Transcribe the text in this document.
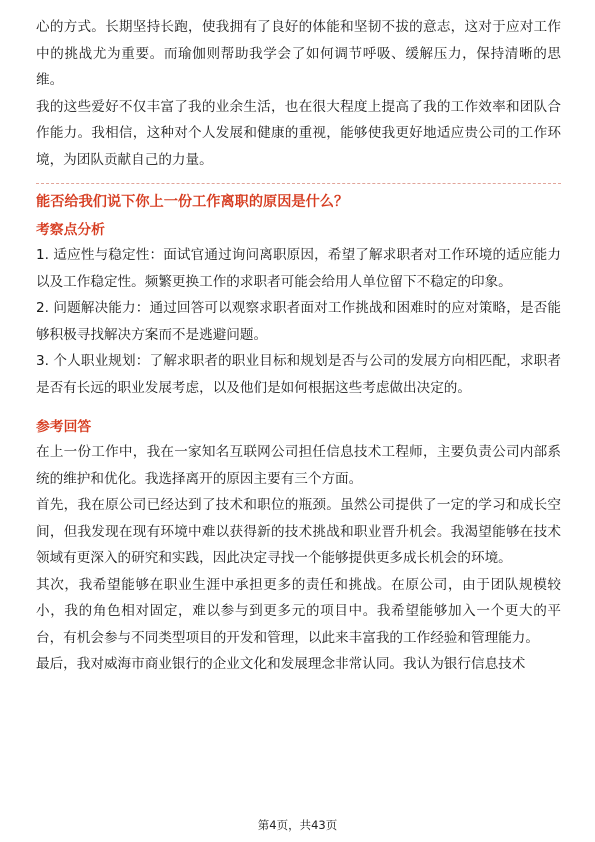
心的方式。长期坚持长跑，使我拥有了良好的体能和坚韧不拔的意志，这对于应对工作中的挑战尤为重要。而瑜伽则帮助我学会了如何调节呼吸、缓解压力，保持清晰的思维。

我的这些爱好不仅丰富了我的业余生活，也在很大程度上提高了我的工作效率和团队合作能力。我相信，这种对个人发展和健康的重视，能够使我更好地适应贵公司的工作环境，为团队贡献自己的力量。

能否给我们说下你上一份工作离职的原因是什么？

考察点分析

1. 适应性与稳定性：面试官通过询问离职原因，希望了解求职者对工作环境的适应能力以及工作稳定性。频繁更换工作的求职者可能会给用人单位留下不稳定的印象。

2. 问题解决能力：通过回答可以观察求职者面对工作挑战和困难时的应对策略，是否能够积极寻找解决方案而不是逃避问题。

3. 个人职业规划：了解求职者的职业目标和规划是否与公司的发展方向相匹配，求职者是否有长远的职业发展考虑，以及他们是如何根据这些考虑做出决定的。

参考回答

在上一份工作中，我在一家知名互联网公司担任信息技术工程师，主要负责公司内部系统的维护和优化。我选择离开的原因主要有三个方面。

首先，我在原公司已经达到了技术和职位的瓶颈。虽然公司提供了一定的学习和成长空间，但我发现在现有环境中难以获得新的技术挑战和职业晋升机会。我渴望能够在技术领域有更深入的研究和实践，因此决定寻找一个能够提供更多成长机会的环境。

其次，我希望能够在职业生涯中承担更多的责任和挑战。在原公司，由于团队规模较小，我的角色相对固定，难以参与到更多元的项目中。我希望能够加入一个更大的平台，有机会参与不同类型项目的开发和管理，以此来丰富我的工作经验和管理能力。

最后，我对威海市商业银行的企业文化和发展理念非常认同。我认为银行信息技术

第4页，共43页
